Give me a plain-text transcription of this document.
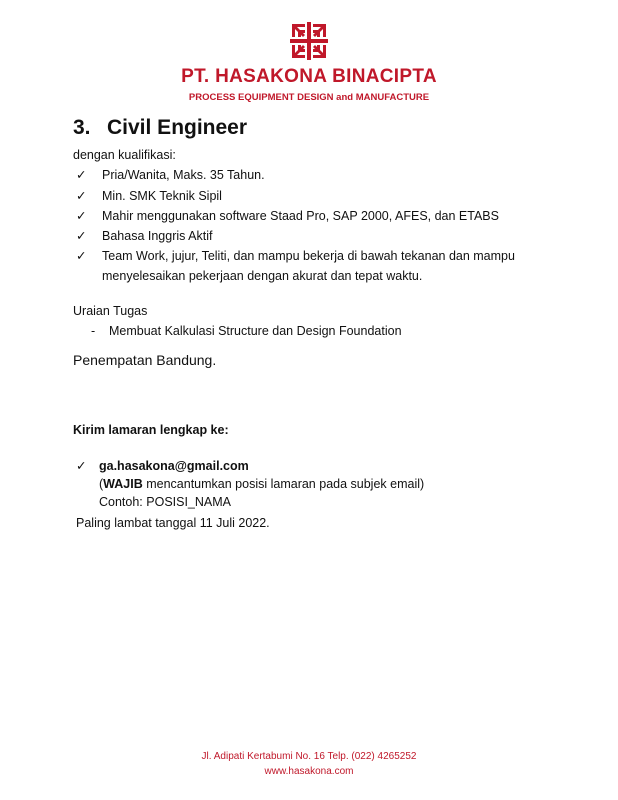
PT. HASAKONA BINACIPTA
PROCESS EQUIPMENT DESIGN and MANUFACTURE
3. Civil Engineer
dengan kualifikasi:
✓ Pria/Wanita, Maks. 35 Tahun.
✓ Min. SMK Teknik Sipil
✓ Mahir menggunakan software Staad Pro, SAP 2000, AFES, dan ETABS
✓ Bahasa Inggris Aktif
✓ Team Work, jujur, Teliti, dan mampu bekerja di bawah tekanan dan mampu
menyelesaikan pekerjaan dengan akurat dan tepat waktu.
Uraian Tugas
- Membuat Kalkulasi Structure dan Design Foundation
Penempatan Bandung.
Kirim lamaran lengkap ke:
✓ ga.hasakona@gmail.com
(WAJIB mencantumkan posisi lamaran pada subjek email)
Contoh: POSISI_NAMA
Paling lambat tanggal 11 Juli 2022.
Jl. Adipati Kertabumi No. 16 Telp. (022) 4265252
www.hasakona.com
